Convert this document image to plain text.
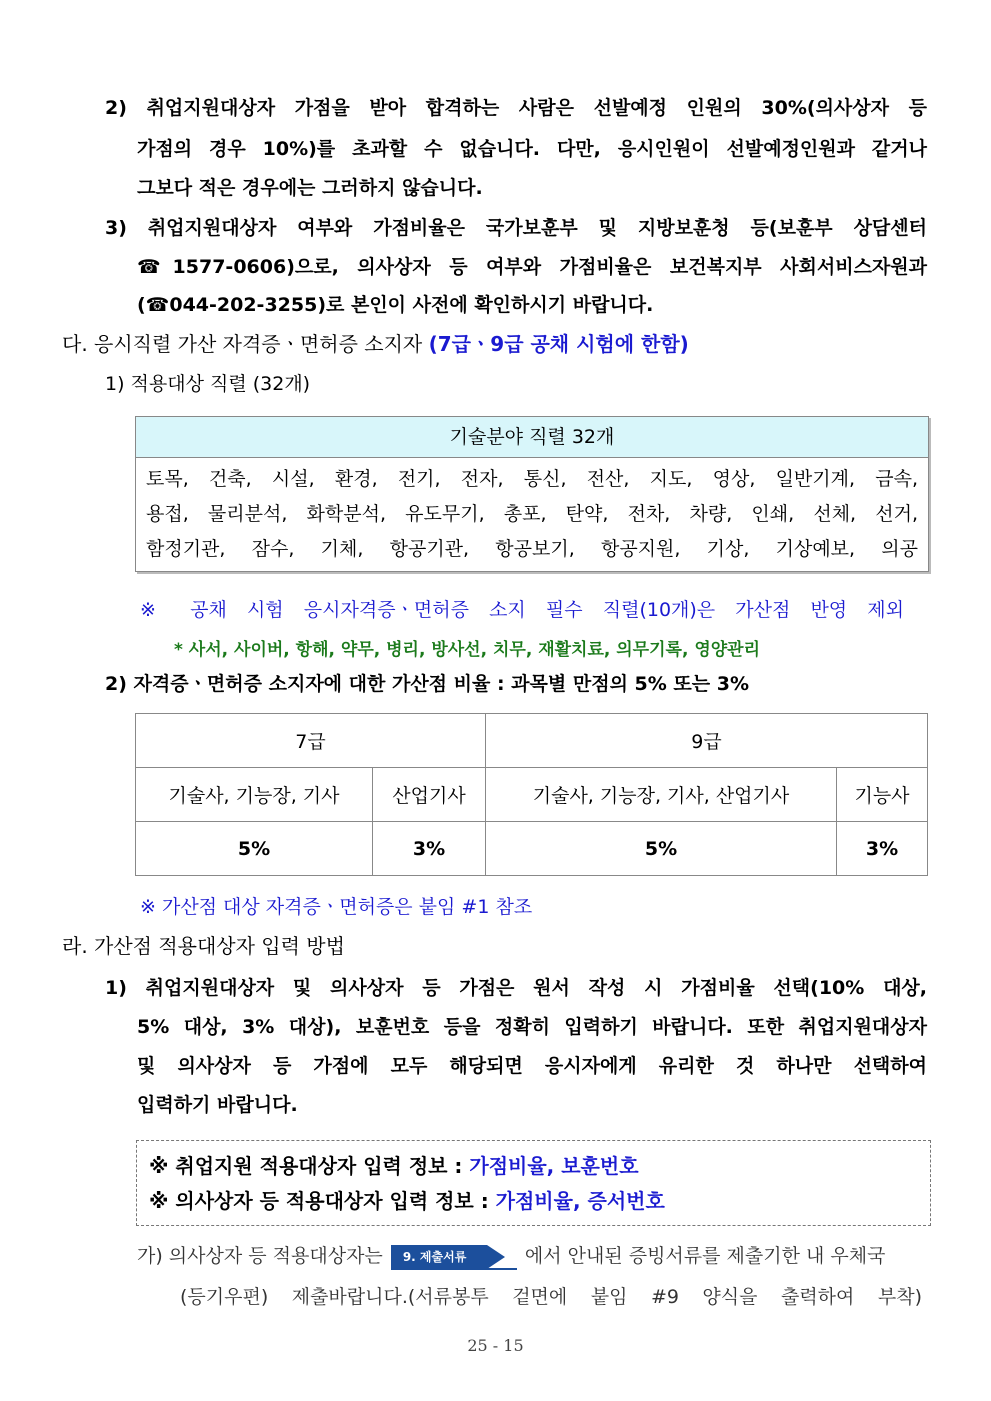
2) 취업지원대상자 가점을 받아 합격하는 사람은 선발예정 인원의 30%(의사상자 등
가점의 경우 10%)를 초과할 수 없습니다. 다만, 응시인원이 선발예정인원과 같거나
그보다 적은 경우에는 그러하지 않습니다.
3) 취업지원대상자 여부와 가점비율은 국가보훈부 및 지방보훈청 등(보훈부 상담센터
☎1577-0606)으로, 의사상자 등 여부와 가점비율은 보건복지부 사회서비스자원과
(☎044-202-3255)로 본인이 사전에 확인하시기 바랍니다.
다. 응시직렬 가산 자격증ㆍ면허증 소지자 (7급ㆍ9급 공채 시험에 한함)
1) 적용대상 직렬 (32개)
기술분야 직렬 32개
토목, 건축, 시설, 환경, 전기, 전자, 통신, 전산, 지도, 영상, 일반기계, 금속,
용접, 물리분석, 화학분석, 유도무기, 총포, 탄약, 전차, 차량, 인쇄, 선체, 선거,
함정기관, 잠수, 기체, 항공기관, 항공보기, 항공지원, 기상, 기상예보, 의공
※ 공채 시험 응시자격증ㆍ면허증 소지 필수 직렬(10개)은 가산점 반영 제외
* 사서, 사이버, 항해, 약무, 병리, 방사선, 치무, 재활치료, 의무기록, 영양관리
2) 자격증ㆍ면허증 소지자에 대한 가산점 비율 : 과목별 만점의 5% 또는 3%
7급		9급	
기술사, 기능장, 기사	산업기사	기술사, 기능장, 기사, 산업기사	기능사
5%	3%	5%	3%
※ 가산점 대상 자격증ㆍ면허증은 붙임 #1 참조
라. 가산점 적용대상자 입력 방법
1) 취업지원대상자 및 의사상자 등 가점은 원서 작성 시 가점비율 선택(10% 대상,
5% 대상, 3% 대상), 보훈번호 등을 정확히 입력하기 바랍니다. 또한 취업지원대상자
및 의사상자 등 가점에 모두 해당되면 응시자에게 유리한 것 하나만 선택하여
입력하기 바랍니다.
※ 취업지원 적용대상자 입력 정보 : 가점비율, 보훈번호
※ 의사상자 등 적용대상자 입력 정보 : 가점비율, 증서번호
가) 의사상자 등 적용대상자는 9. 제출서류	에서 안내된 증빙서류를 제출기한 내 우체국
(등기우편) 제출바랍니다.(서류봉투 겉면에 붙임 #9 양식을 출력하여 부착)
25 - 15
